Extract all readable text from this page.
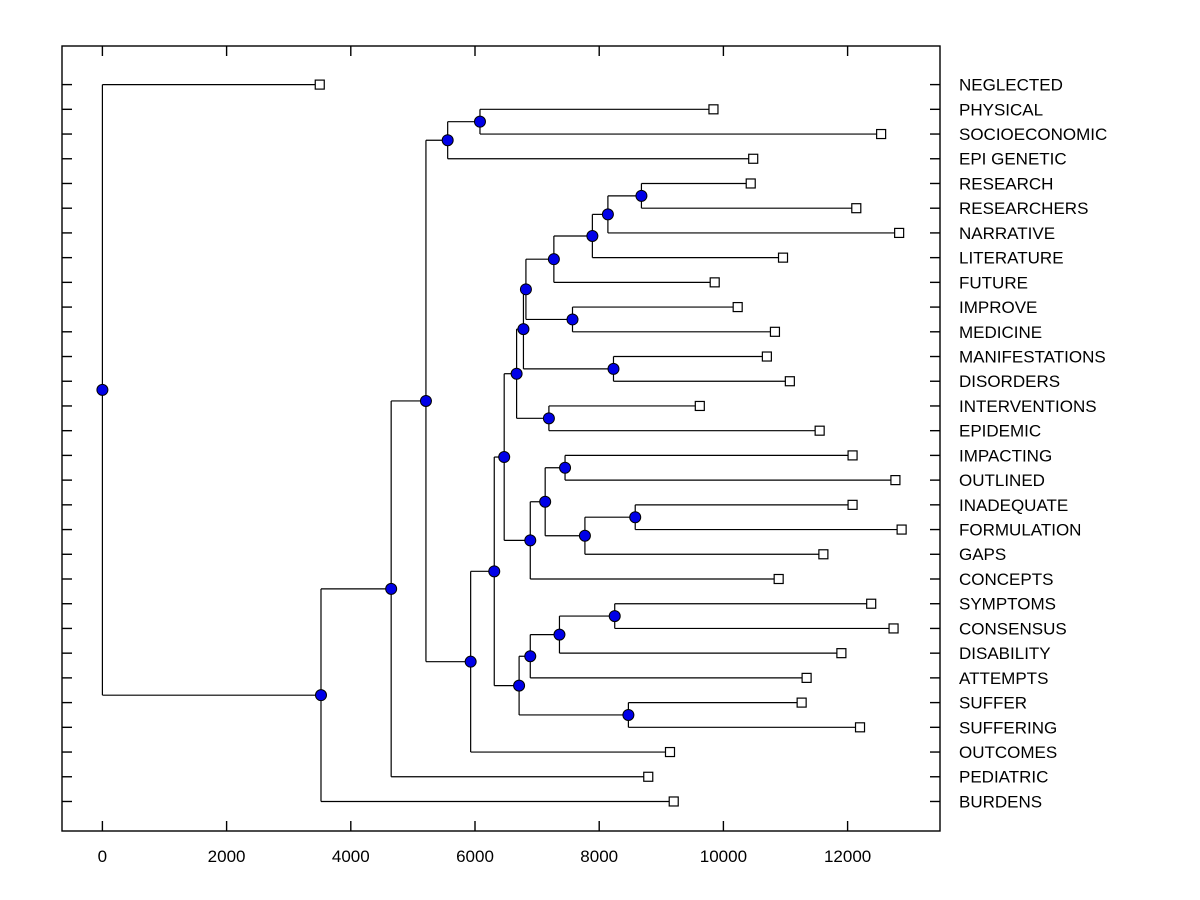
0	2000	4000	6000	8000	10000	12000
NEGLECTED
PHYSICAL
SOCIOECONOMIC
EPI GENETIC
RESEARCH
RESEARCHERS
NARRATIVE
LITERATURE
FUTURE
IMPROVE
MEDICINE
MANIFESTATIONS
DISORDERS
INTERVENTIONS
EPIDEMIC
IMPACTING
OUTLINED
INADEQUATE
FORMULATION
GAPS
CONCEPTS
SYMPTOMS
CONSENSUS
DISABILITY
ATTEMPTS
SUFFER
SUFFERING
OUTCOMES
PEDIATRIC
BURDENS
